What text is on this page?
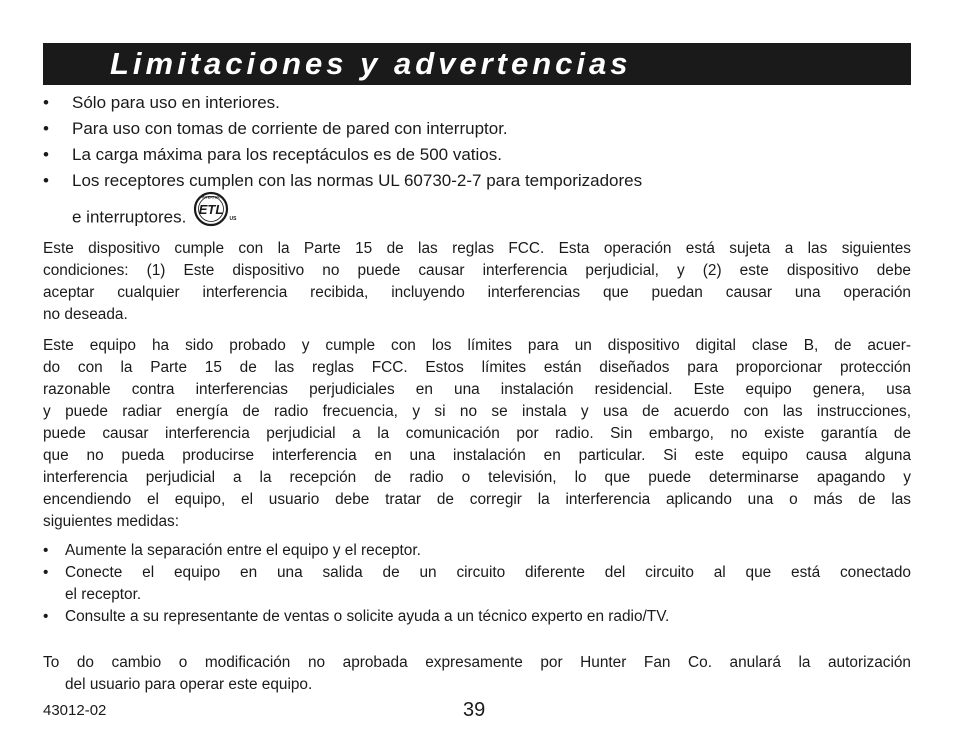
Limitaciones y advertencias
• Sólo para uso en interiores.
• Para uso con tomas de corriente de pared con interruptor.
• La carga máxima para los receptáculos es de 500 vatios.
• Los receptores cumplen con las normas UL 60730-2-7 para temporizadores
e interruptores.
INTERTEK
ETL
US
Este dispositivo cumple con la Parte 15 de las reglas FCC. Esta operación está sujeta a las siguientes
condiciones: (1) Este dispositivo no puede causar interferencia perjudicial, y (2) este dispositivo debe
aceptar cualquier interferencia recibida, incluyendo interferencias que puedan causar una operación
no deseada.
Este equipo ha sido probado y cumple con los límites para un dispositivo digital clase B, de acuer-
do con la Parte 15 de las reglas FCC. Estos límites están diseñados para proporcionar protección
razonable contra interferencias perjudiciales en una instalación residencial. Este equipo genera, usa
y puede radiar energía de radio frecuencia, y si no se instala y usa de acuerdo con las instrucciones,
puede causar interferencia perjudicial a la comunicación por radio. Sin embargo, no existe garantía de
que no pueda producirse interferencia en una instalación en particular. Si este equipo causa alguna
interferencia perjudicial a la recepción de radio o televisión, lo que puede determinarse apagando y
encendiendo el equipo, el usuario debe tratar de corregir la interferencia aplicando una o más de las
siguientes medidas:
• Aumente la separación entre el equipo y el receptor.
• Conecte el equipo en una salida de un circuito diferente del circuito al que está conectado
el receptor.
• Consulte a su representante de ventas o solicite ayuda a un técnico experto en radio/TV.
To do cambio o modificación no aprobada expresamente por Hunter Fan Co. anulará la autorización
del usuario para operar este equipo.
43012-02	39
